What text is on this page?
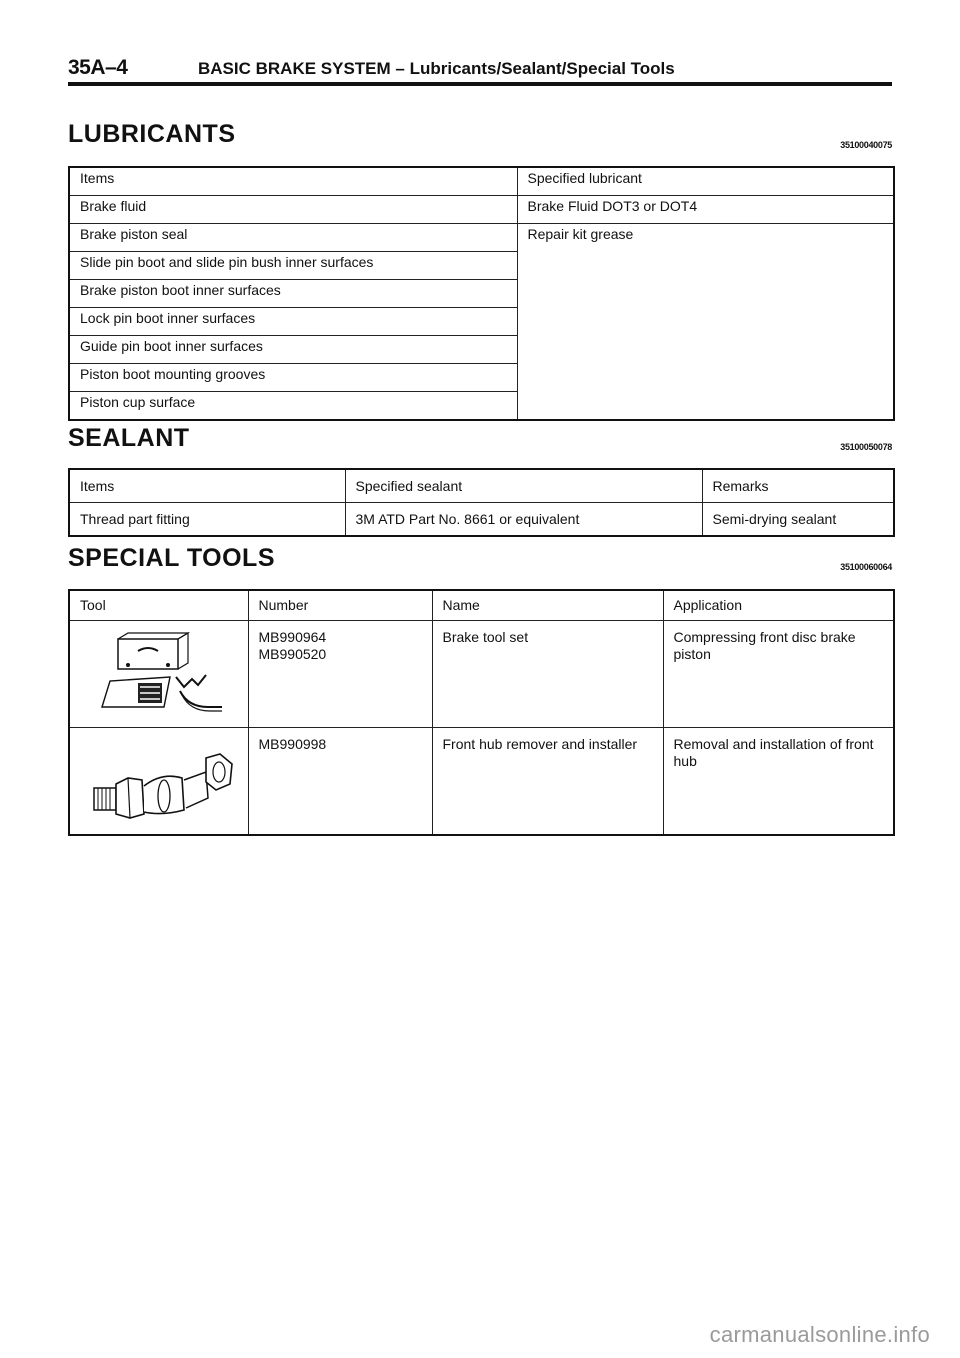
35A–4	BASIC BRAKE SYSTEM – Lubricants/Sealant/Special Tools
LUBRICANTS	35100040075
Items	Specified lubricant
Brake fluid	Brake Fluid DOT3 or DOT4
Brake piston seal	Repair kit grease
Slide pin boot and slide pin bush inner surfaces	
Brake piston boot inner surfaces	
Lock pin boot inner surfaces	
Guide pin boot inner surfaces	
Piston boot mounting grooves	
Piston cup surface	
SEALANT	35100050078
Items	Specified sealant	Remarks
Thread part fitting	3M ATD Part No. 8661 or equivalent	Semi-drying sealant
SPECIAL TOOLS	35100060064
Tool	Number	Name	Application

MB990964
MB990520	Brake tool set	Compressing front disc brake piston

MB990998	Front hub remover and installer	Removal and installation of front hub
carmanualsonline.info
